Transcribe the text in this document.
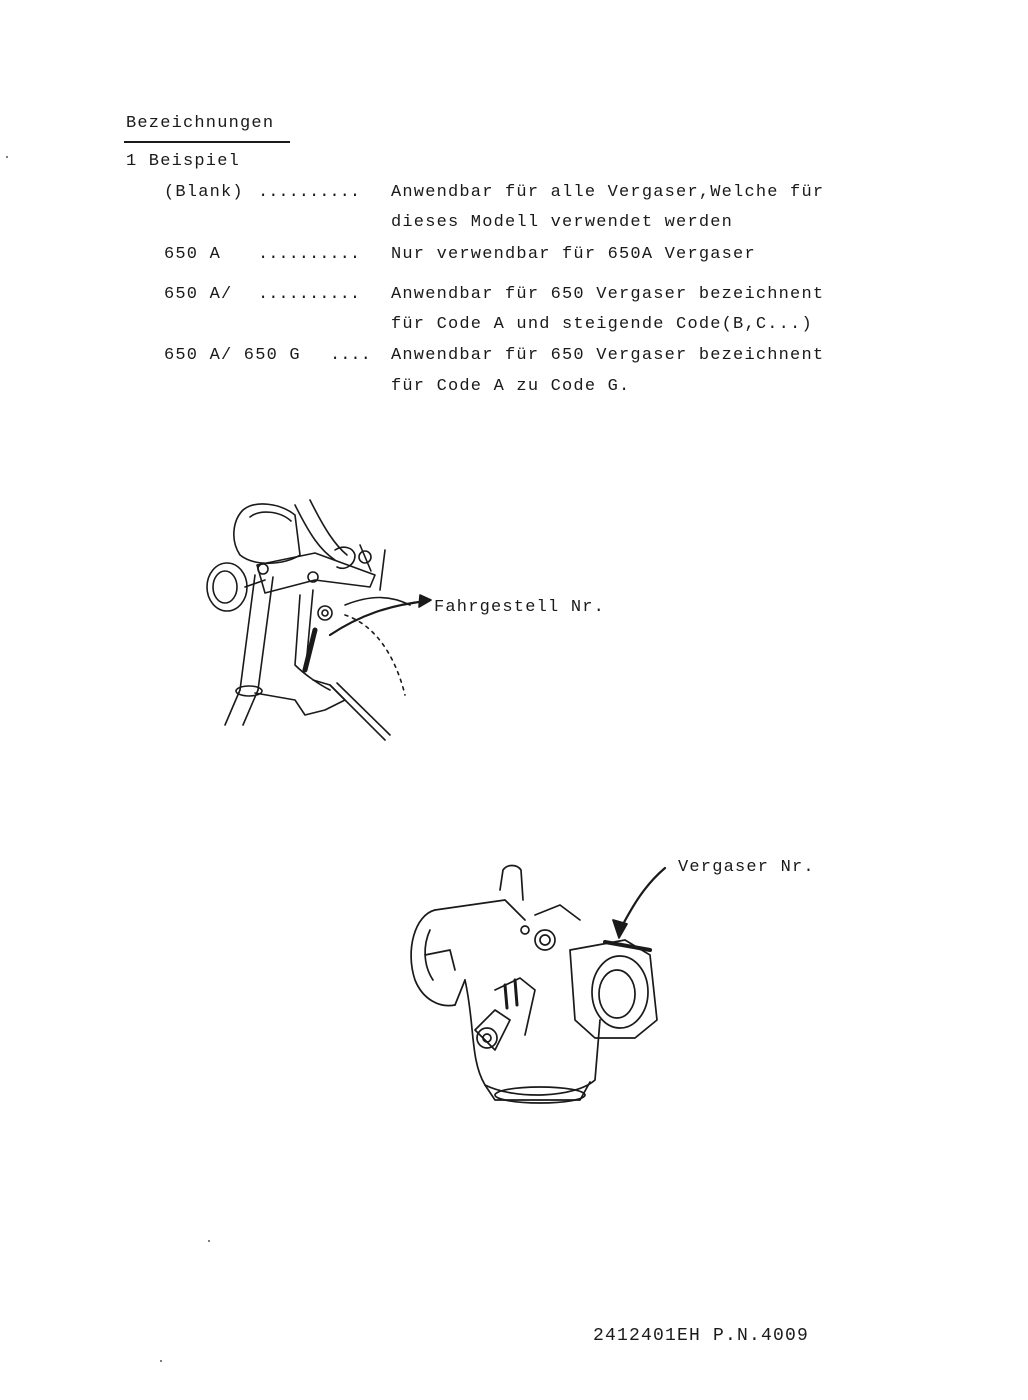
Bezeichnungen
1 Beispiel
(Blank) .......... Anwendbar für alle Vergaser,Welche für
dieses Modell verwendet werden
650 A .......... Nur verwendbar für 650A Vergaser
650 A/ .......... Anwendbar für 650 Vergaser bezeichnent
für Code A und steigende Code(B,C...)
650 A/ 650 G .... Anwendbar für 650 Vergaser bezeichnent
für Code A zu Code G.
Fahrgestell Nr.
Vergaser Nr.
2412401EH P.N.4009
